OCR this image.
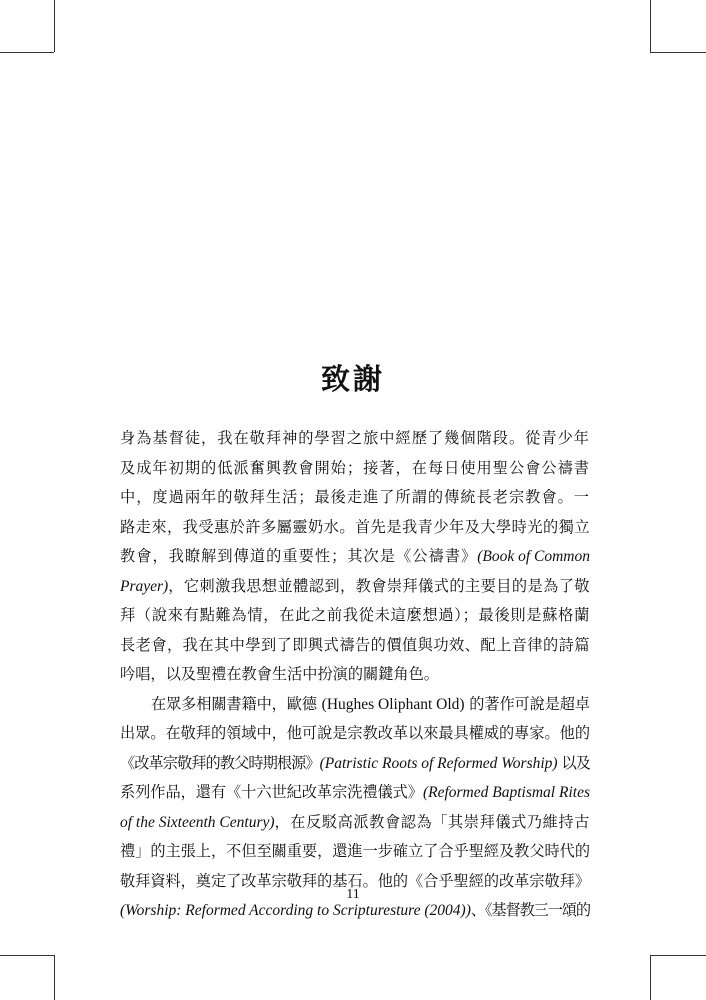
致謝
身為基督徒，我在敬拜神的學習之旅中經歷了幾個階段。從青少年
及成年初期的低派奮興教會開始；接著，在每日使用聖公會公禱書
中，度過兩年的敬拜生活；最後走進了所謂的傳統長老宗教會。一
路走來，我受惠於許多屬靈奶水。首先是我青少年及大學時光的獨立
教會，我瞭解到傳道的重要性；其次是《公禱書》 (Book of Common
Prayer) ，它刺激我思想並體認到，教會崇拜儀式的主要目的是為了敬
拜（說來有點難為情，在此之前我從未這麼想過）；最後則是蘇格蘭
長老會，我在其中學到了即興式禱告的價值與功效、配上音律的詩篇
吟唱，以及聖禮在教會生活中扮演的關鍵角色。
在眾多相關書籍中，歐德 (Hughes Oliphant Old) 的著作可說是超卓
出眾。在敬拜的領域中，他可說是宗教改革以來最具權威的專家。他的
《改革宗敬拜的教父時期根源》 (Patristic Roots of Reformed Worship) 以及
系列作品，還有《十六世紀改革宗洗禮儀式》 (Reformed Baptismal Rites
of the Sixteenth Century) ，在反駁高派教會認為「其崇拜儀式乃維持古
禮」的主張上，不但至關重要，還進一步確立了合乎聖經及教父時代的
敬拜資料，奠定了改革宗敬拜的基石。他的《合乎聖經的改革宗敬拜》
(Worship: Reformed According to Scripturesture (2004)) 、《基督教三一頌的
11
